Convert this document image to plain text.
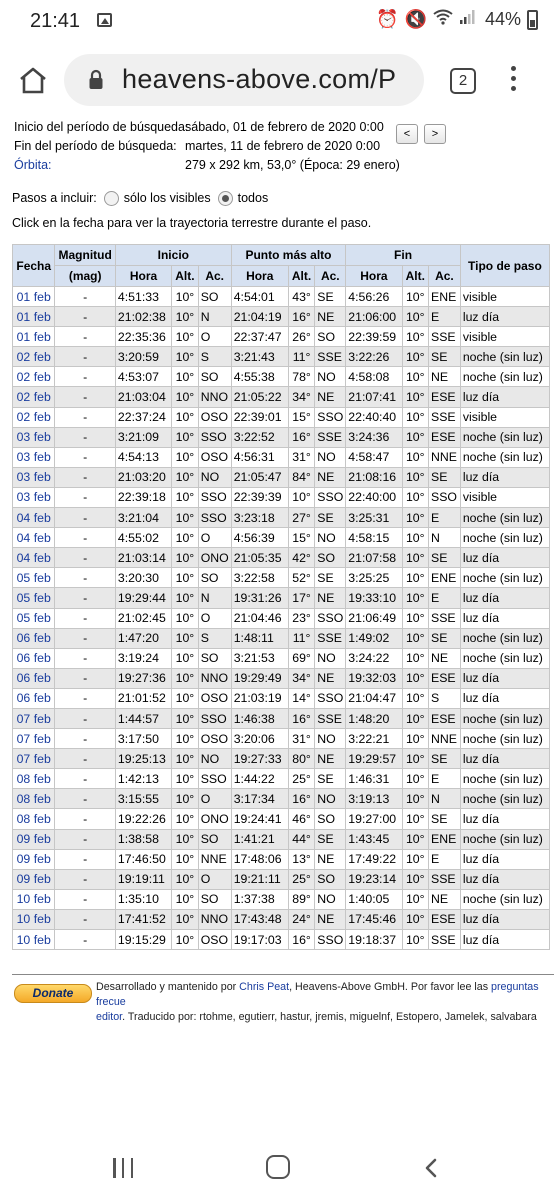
21:41	⏰ 🔇	44%
heavens-above.com/P	2
Inicio del período de búsqueda:
sábado, 01 de febrero de 2020 0:00
Fin del período de búsqueda: martes, 11 de febrero de 2020 0:00
Órbita:	279 x 292 km, 53,0° (Época: 29 enero)
<	>
Pasos a incluir: sólo los visibles todos
Click en la fecha para ver la trayectoria terrestre durante el paso.
Fecha	Magnitud	Inicio			Punto más alto			Fin			Tipo de paso
	(mag)	Hora	Alt.	Ac.	Hora	Alt.	Ac.	Hora	Alt.	Ac.	
01 feb	-	4:51:33	10°	SO	4:54:01	43°	SE	4:56:26	10°	ENE	visible
01 feb	-	21:02:38	10°	N	21:04:19	16°	NE	21:06:00	10°	E	luz día
01 feb	-	22:35:36	10°	O	22:37:47	26°	SO	22:39:59	10°	SSE	visible
02 feb	-	3:20:59	10°	S	3:21:43	11°	SSE	3:22:26	10°	SE	noche (sin luz)
02 feb	-	4:53:07	10°	SO	4:55:38	78°	NO	4:58:08	10°	NE	noche (sin luz)
02 feb	-	21:03:04	10°	NNO	21:05:22	34°	NE	21:07:41	10°	ESE	luz día
02 feb	-	22:37:24	10°	OSO	22:39:01	15°	SSO	22:40:40	10°	SSE	visible
03 feb	-	3:21:09	10°	SSO	3:22:52	16°	SSE	3:24:36	10°	ESE	noche (sin luz)
03 feb	-	4:54:13	10°	OSO	4:56:31	31°	NO	4:58:47	10°	NNE	noche (sin luz)
03 feb	-	21:03:20	10°	NO	21:05:47	84°	NE	21:08:16	10°	SE	luz día
03 feb	-	22:39:18	10°	SSO	22:39:39	10°	SSO	22:40:00	10°	SSO	visible
04 feb	-	3:21:04	10°	SSO	3:23:18	27°	SE	3:25:31	10°	E	noche (sin luz)
04 feb	-	4:55:02	10°	O	4:56:39	15°	NO	4:58:15	10°	N	noche (sin luz)
04 feb	-	21:03:14	10°	ONO	21:05:35	42°	SO	21:07:58	10°	SE	luz día
05 feb	-	3:20:30	10°	SO	3:22:58	52°	SE	3:25:25	10°	ENE	noche (sin luz)
05 feb	-	19:29:44	10°	N	19:31:26	17°	NE	19:33:10	10°	E	luz día
05 feb	-	21:02:45	10°	O	21:04:46	23°	SSO	21:06:49	10°	SSE	luz día
06 feb	-	1:47:20	10°	S	1:48:11	11°	SSE	1:49:02	10°	SE	noche (sin luz)
06 feb	-	3:19:24	10°	SO	3:21:53	69°	NO	3:24:22	10°	NE	noche (sin luz)
06 feb	-	19:27:36	10°	NNO	19:29:49	34°	NE	19:32:03	10°	ESE	luz día
06 feb	-	21:01:52	10°	OSO	21:03:19	14°	SSO	21:04:47	10°	S	luz día
07 feb	-	1:44:57	10°	SSO	1:46:38	16°	SSE	1:48:20	10°	ESE	noche (sin luz)
07 feb	-	3:17:50	10°	OSO	3:20:06	31°	NO	3:22:21	10°	NNE	noche (sin luz)
07 feb	-	19:25:13	10°	NO	19:27:33	80°	NE	19:29:57	10°	SE	luz día
08 feb	-	1:42:13	10°	SSO	1:44:22	25°	SE	1:46:31	10°	E	noche (sin luz)
08 feb	-	3:15:55	10°	O	3:17:34	16°	NO	3:19:13	10°	N	noche (sin luz)
08 feb	-	19:22:26	10°	ONO	19:24:41	46°	SO	19:27:00	10°	SE	luz día
09 feb	-	1:38:58	10°	SO	1:41:21	44°	SE	1:43:45	10°	ENE	noche (sin luz)
09 feb	-	17:46:50	10°	NNE	17:48:06	13°	NE	17:49:22	10°	E	luz día
09 feb	-	19:19:11	10°	O	19:21:11	25°	SO	19:23:14	10°	SSE	luz día
10 feb	-	1:35:10	10°	SO	1:37:38	89°	NO	1:40:05	10°	NE	noche (sin luz)
10 feb	-	17:41:52	10°	NNO	17:43:48	24°	NE	17:45:46	10°	ESE	luz día
10 feb	-	19:15:29	10°	OSO	19:17:03	16°	SSO	19:18:37	10°	SSE	luz día
Donate	Desarrollado y mantenido por Chris Peat, Heavens-Above GmbH. Por favor lee las preguntas frecue
editor. Traducido por: rtohme, egutierr, hastur, jremis, miguelnf, Estopero, Jamelek, salvabara
